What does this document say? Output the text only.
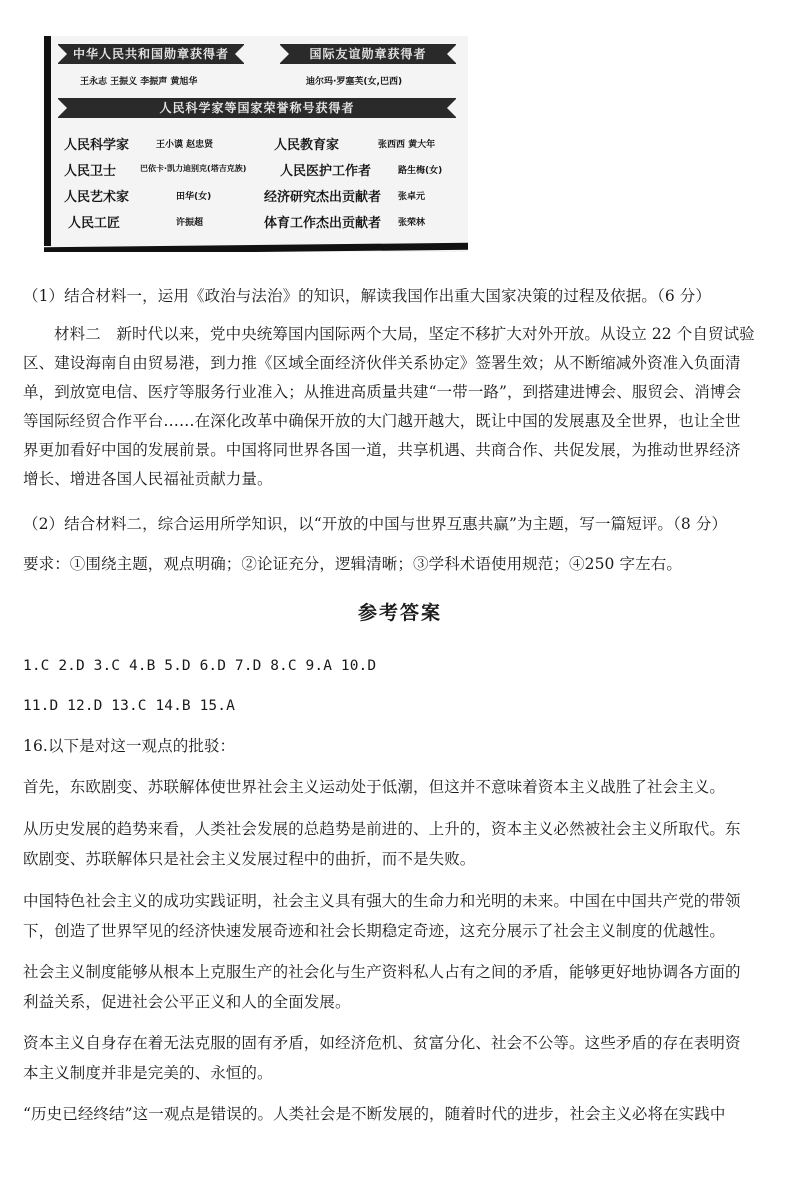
中华人民共和国勋章获得者	国际友谊勋章获得者
王永志 王振义 李振声 黄旭华	迪尔玛·罗塞芙(女,巴西)
人民科学家等国家荣誉称号获得者
人民科学家	王小谟 赵忠贤	人民教育家	张西西 黄大年
人民卫士	巴依卡·凯力迪别克(塔吉克族)	人民医护工作者	路生梅(女)
人民艺术家	田华(女)	经济研究杰出贡献者 张卓元
人民工匠	许振超	体育工作杰出贡献者 张荣林

（1）结合材料一，运用《政治与法治》的知识，解读我国作出重大国家决策的过程及依据。（6 分）

材料二　新时代以来，党中央统筹国内国际两个大局，坚定不移扩大对外开放。从设立 22 个自贸试验

区、建设海南自由贸易港，到力推《区域全面经济伙伴关系协定》签署生效；从不断缩减外资准入负面清

单，到放宽电信、医疗等服务行业准入；从推进高质量共建“一带一路”，到搭建进博会、服贸会、消博会

等国际经贸合作平台……在深化改革中确保开放的大门越开越大，既让中国的发展惠及全世界，也让全世

界更加看好中国的发展前景。中国将同世界各国一道，共享机遇、共商合作、共促发展，为推动世界经济

增长、增进各国人民福祉贡献力量。

（2）结合材料二，综合运用所学知识，以“开放的中国与世界互惠共赢”为主题，写一篇短评。（8 分）

要求：①围绕主题，观点明确；②论证充分，逻辑清晰；③学科术语使用规范；④250 字左右。

参考答案

1.C 2.D 3.C 4.B 5.D 6.D 7.D 8.C 9.A 10.D

11.D 12.D 13.C 14.B 15.A

16.以下是对这一观点的批驳：

首先，东欧剧变、苏联解体使世界社会主义运动处于低潮，但这并不意味着资本主义战胜了社会主义。

从历史发展的趋势来看，人类社会发展的总趋势是前进的、上升的，资本主义必然被社会主义所取代。东

欧剧变、苏联解体只是社会主义发展过程中的曲折，而不是失败。

中国特色社会主义的成功实践证明，社会主义具有强大的生命力和光明的未来。中国在中国共产党的带领

下，创造了世界罕见的经济快速发展奇迹和社会长期稳定奇迹，这充分展示了社会主义制度的优越性。

社会主义制度能够从根本上克服生产的社会化与生产资料私人占有之间的矛盾，能够更好地协调各方面的

利益关系，促进社会公平正义和人的全面发展。

资本主义自身存在着无法克服的固有矛盾，如经济危机、贫富分化、社会不公等。这些矛盾的存在表明资

本主义制度并非是完美的、永恒的。

“历史已经终结”这一观点是错误的。人类社会是不断发展的，随着时代的进步，社会主义必将在实践中
